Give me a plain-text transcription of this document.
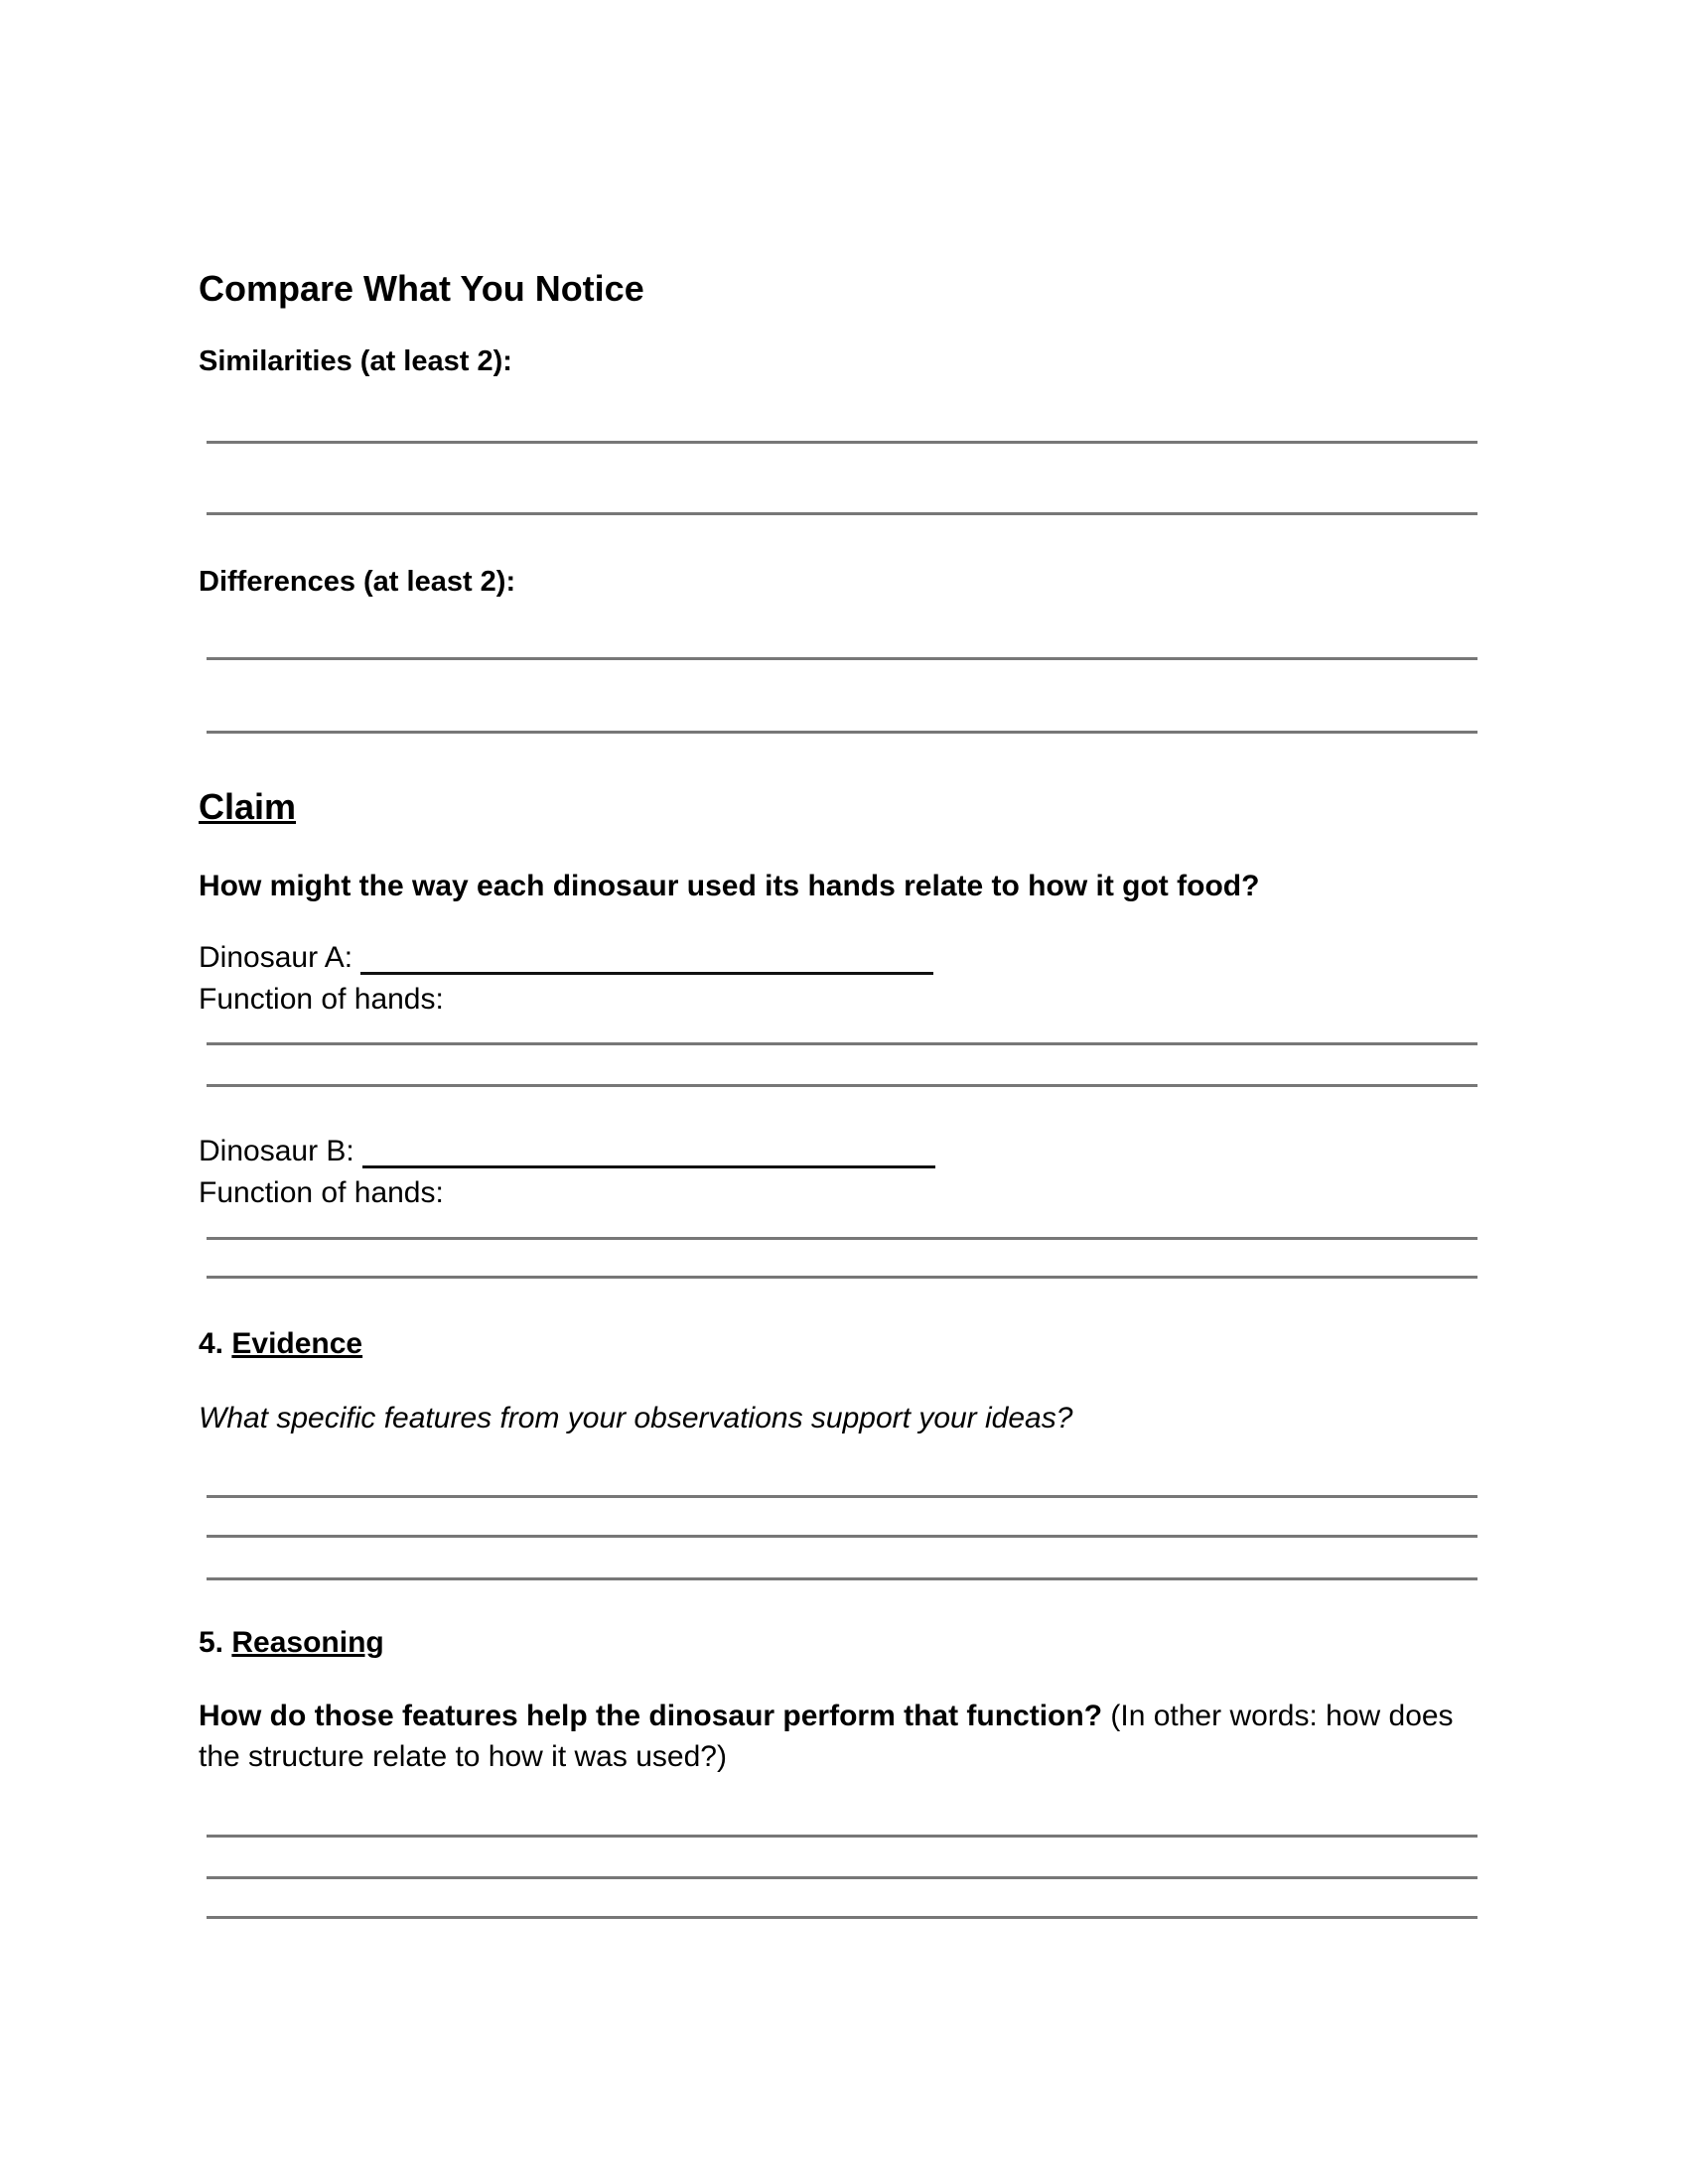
Compare What You Notice
Similarities (at least 2):
Differences (at least 2):
Claim
How might the way each dinosaur used its hands relate to how it got food?
Dinosaur A:
Function of hands:
Dinosaur B:
Function of hands:
4. Evidence
What specific features from your observations support your ideas?
5. Reasoning
How do those features help the dinosaur perform that function? (In other words: how does the structure relate to how it was used?)
